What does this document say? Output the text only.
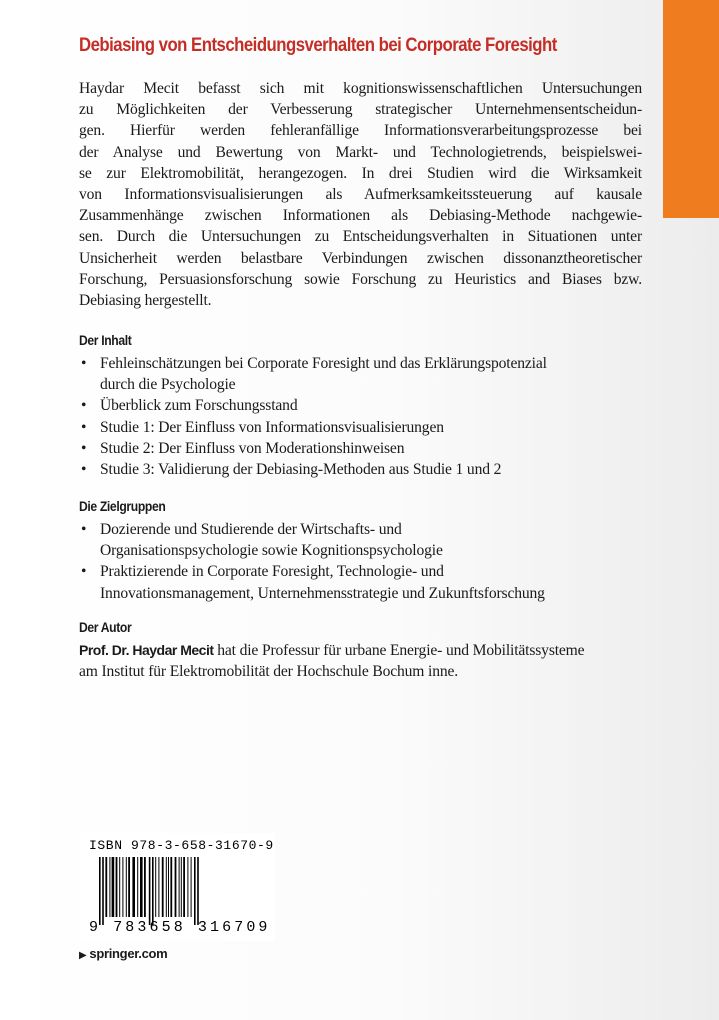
Debiasing von Entscheidungsverhalten bei Corporate Foresight

Haydar Mecit befasst sich mit kognitionswissenschaftlichen Untersuchungen
zu Möglichkeiten der Verbesserung strategischer Unternehmensentscheidun-
gen. Hierfür werden fehleranfällige Informationsverarbeitungsprozesse bei
der Analyse und Bewertung von Markt- und Technologietrends, beispielswei-
se zur Elektromobilität, herangezogen. In drei Studien wird die Wirksamkeit
von Informationsvisualisierungen als Aufmerksamkeitssteuerung auf kausale
Zusammenhänge zwischen Informationen als Debiasing-Methode nachgewie-
sen. Durch die Untersuchungen zu Entscheidungsverhalten in Situationen unter
Unsicherheit werden belastbare Verbindungen zwischen dissonanztheoretischer
Forschung, Persuasionsforschung sowie Forschung zu Heuristics and Biases bzw.
Debiasing hergestellt.

Der Inhalt
• Fehleinschätzungen bei Corporate Foresight und das Erklärungspotenzial
durch die Psychologie
• Überblick zum Forschungsstand
• Studie 1: Der Einfluss von Informationsvisualisierungen
• Studie 2: Der Einfluss von Moderationshinweisen
• Studie 3: Validierung der Debiasing-Methoden aus Studie 1 und 2
Die Zielgruppen
• Dozierende und Studierende der Wirtschafts- und
Organisationspsychologie sowie Kognitionspsychologie
• Praktizierende in Corporate Foresight, Technologie- und
Innovationsmanagement, Unternehmensstrategie und Zukunftsforschung
Der Autor

Prof. Dr. Haydar Mecit hat die Professur für urbane Energie- und Mobilitätssysteme
am Institut für Elektromobilität der Hochschule Bochum inne.

ISBN 978-3-658-31670-9
9 783658 316709
▶ springer.com
